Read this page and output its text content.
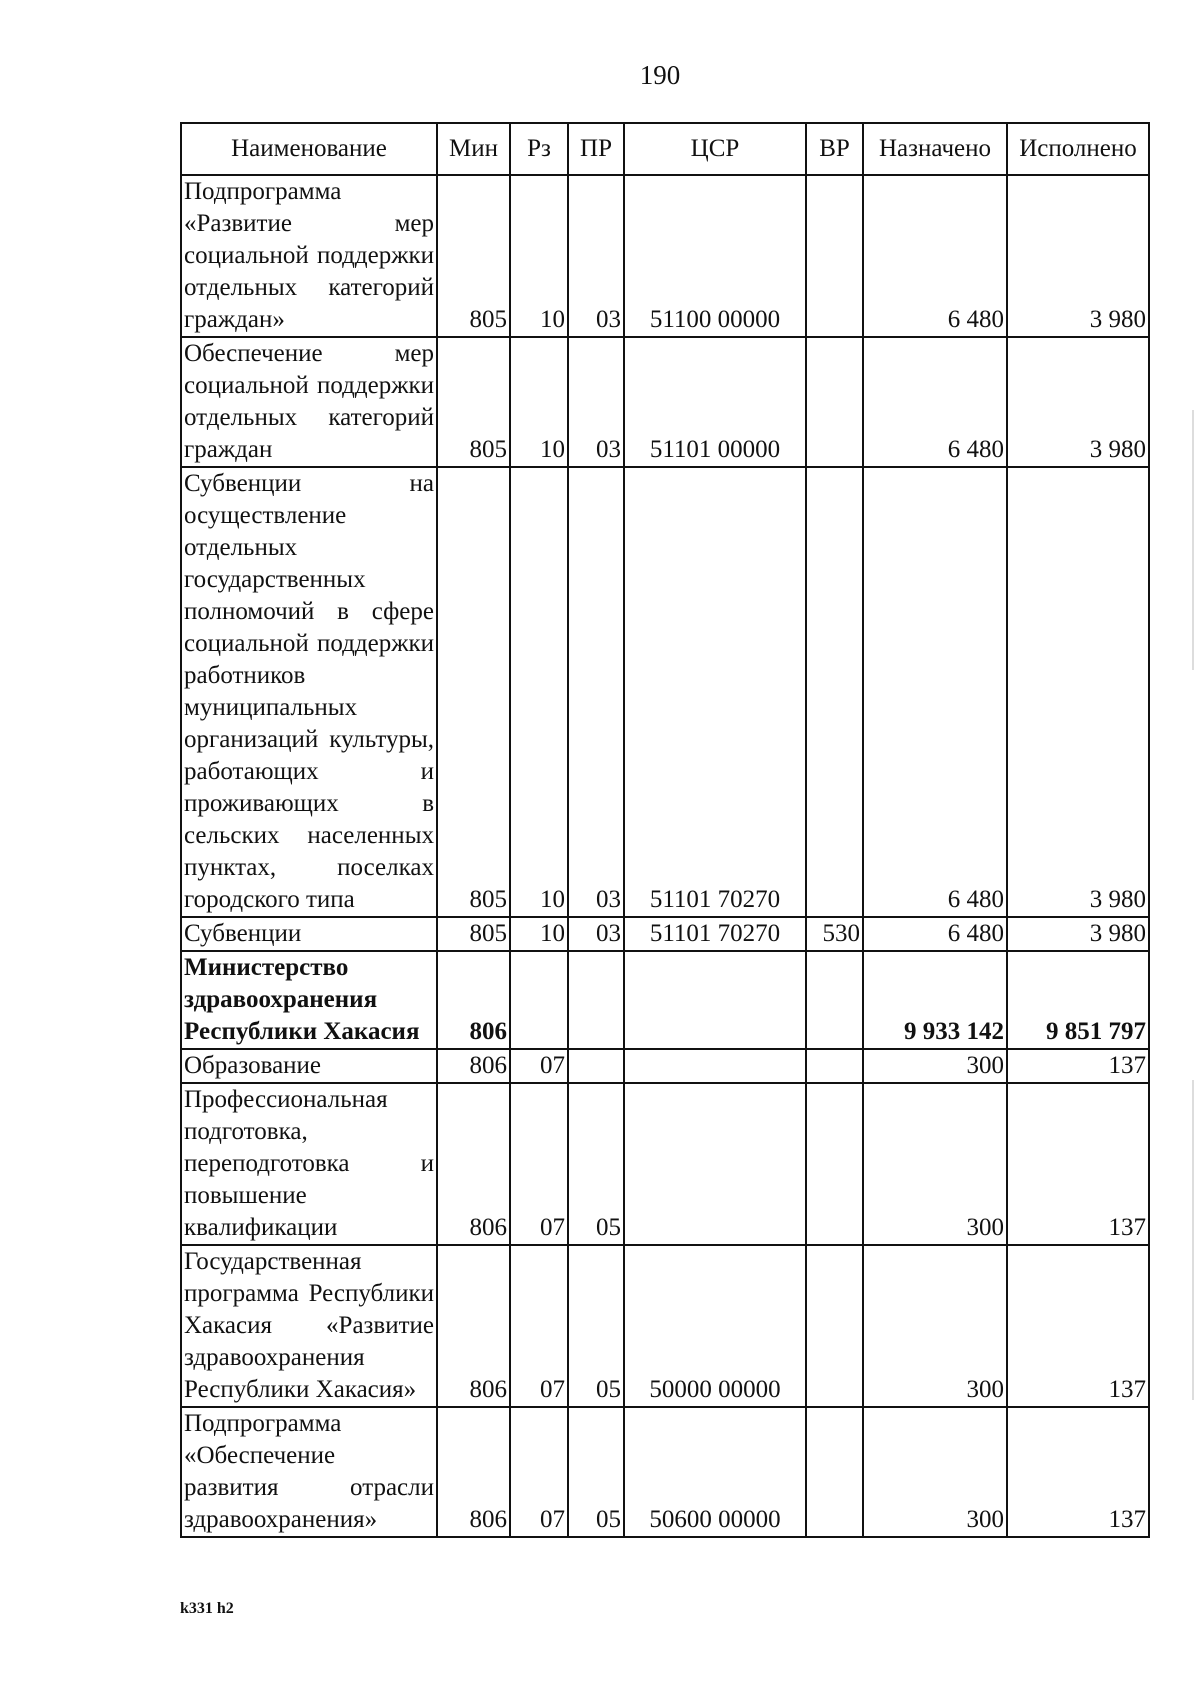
190
Наименование	Мин	Рз	ПР	ЦСР	ВР	Назначено	Исполнено
Подпрограмма «Развитие мер социальной поддержки отдельных категорий граждан»	805	10	03	51100 00000		6 480	3 980
Обеспечение мер социальной поддержки отдельных категорий граждан	805	10	03	51101 00000		6 480	3 980
Субвенции на осуществление отдельных государственных полномочий в сфере социальной поддержки работников муниципальных организаций культуры, работающих и проживающих в сельских населенных пунктах, поселках городского типа	805	10	03	51101 70270		6 480	3 980
Субвенции	805	10	03	51101 70270	530	6 480	3 980
Министерство здравоохранения Республики Хакасия	806					9 933 142	9 851 797
Образование	806	07				300	137
Профессиональная подготовка, переподготовка и повышение квалификации	806	07	05			300	137
Государственная программа Республики Хакасия «Развитие здравоохранения Республики Хакасия»	806	07	05	50000 00000		300	137
Подпрограмма «Обеспечение развития отрасли здравоохранения»	806	07	05	50600 00000		300	137
k331 h2
